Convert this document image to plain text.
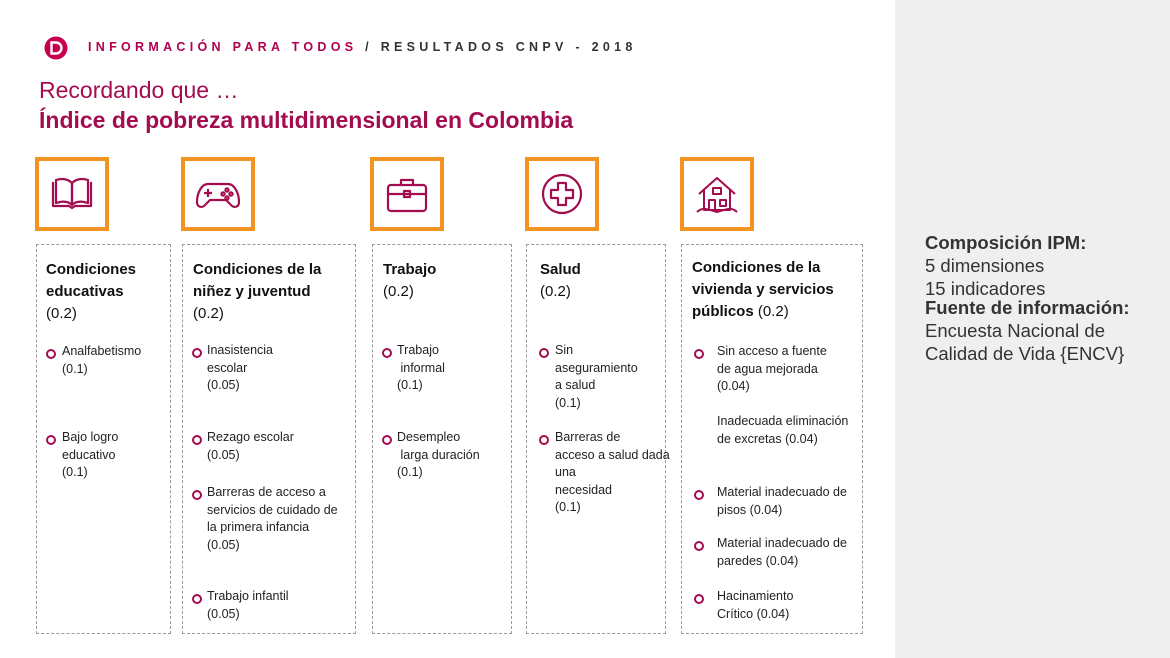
INFORMACIÓN PARA TODOS / RESULTADOS CNPV - 2018
Recordando que …
Índice de pobreza multidimensional en Colombia
Condiciones
educativas
(0.2)
Analfabetismo
(0.1)
Bajo logro
educativo
(0.1)
Condiciones de la
niñez y juventud
(0.2)
Inasistencia
escolar
(0.05)
Rezago escolar
(0.05)
Barreras de acceso a
servicios de cuidado de
la primera infancia
(0.05)
Trabajo infantil
(0.05)
Trabajo
(0.2)
Trabajo
informal
(0.1)
Desempleo
larga duración
(0.1)
Salud
(0.2)
Sin
aseguramiento
a salud
(0.1)
Barreras de
acceso a salud dada
una
necesidad
(0.1)
Condiciones de la
vivienda y servicios
públicos (0.2)
Sin acceso a fuente
de agua mejorada
(0.04)
Inadecuada eliminación
de excretas (0.04)
Material inadecuado de
pisos (0.04)
Material inadecuado de
paredes (0.04)
Hacinamiento
Crítico (0.04)
Composición IPM:
5 dimensiones
15 indicadores
Fuente de información:
Encuesta Nacional de
Calidad de Vida {ENCV}
